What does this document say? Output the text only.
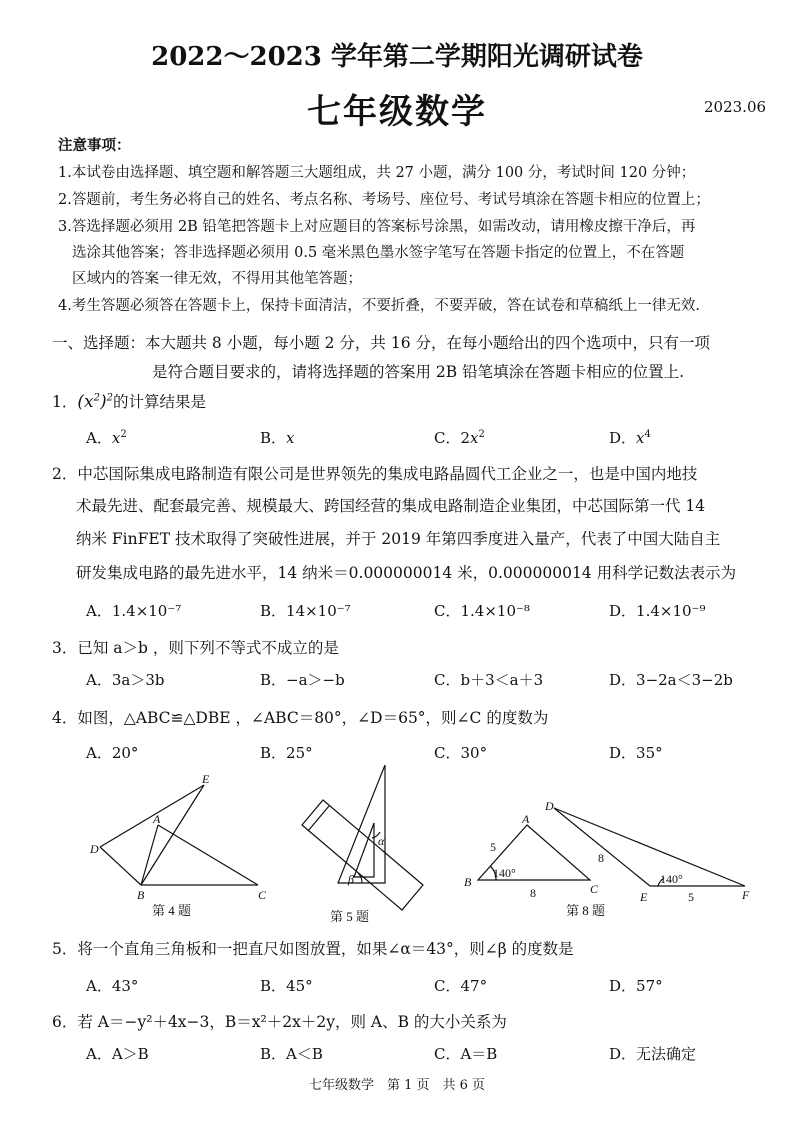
2022～2023 学年第二学期阳光调研试卷
七年级数学	2023.06
注意事项：
1.本试卷由选择题、填空题和解答题三大题组成，共 27 小题，满分 100 分，考试时间 120 分钟；
2.答题前，考生务必将自己的姓名、考点名称、考场号、座位号、考试号填涂在答题卡相应的位置上；
3.答选择题必须用 2B 铅笔把答题卡上对应题目的答案标号涂黑，如需改动，请用橡皮擦干净后，再
选涂其他答案；答非选择题必须用 0.5 毫米黑色墨水签字笔写在答题卡指定的位置上，不在答题
区域内的答案一律无效，不得用其他笔答题；
4.考生答题必须答在答题卡上，保持卡面清洁，不要折叠，不要弄破，答在试卷和草稿纸上一律无效.
一、选择题：本大题共 8 小题，每小题 2 分，共 16 分，在每小题给出的四个选项中，只有一项
是符合题目要求的，请将选择题的答案用 2B 铅笔填涂在答题卡相应的位置上.
1．$(x^2)^2$的计算结果是
A．$x^2$	B．x	C．$2x^2$	D．$x^4$
2．中芯国际集成电路制造有限公司是世界领先的集成电路晶圆代工企业之一，也是中国内地技
术最先进、配套最完善、规模最大、跨国经营的集成电路制造企业集团，中芯国际第一代 14
纳米 FinFET 技术取得了突破性进展，并于 2019 年第四季度进入量产，代表了中国大陆自主
研发集成电路的最先进水平，14 纳米＝0.000000014 米，0.000000014 用科学记数法表示为
A．1.4×10⁻⁷	B．14×10⁻⁷	C．1.4×10⁻⁸	D．1.4×10⁻⁹
3．已知 a＞b ，则下列不等式不成立的是
A．3a＞3b	B．−a＞−b	C．b＋3＜a＋3	D．3−2a＜3−2b
4．如图，△ABC≌△DBE ，∠ABC＝80°，∠D＝65°，则∠C 的度数为
A．20°	B．25°	C．30°	D．35°
E
A
D
B	C
第 4 题
α
β
第 5 题
A
5
B
140°
8	C
D
8
140°
E	5	F
第 8 题
5．将一个直角三角板和一把直尺如图放置，如果∠α＝43°，则∠β 的度数是
A．43°	B．45°	C．47°	D．57°
6．若 A＝−y²＋4x−3，B＝x²＋2x＋2y，则 A、B 的大小关系为
A．A＞B	B．A＜B	C．A＝B	D．无法确定
七年级数学　第 1 页　共 6 页
